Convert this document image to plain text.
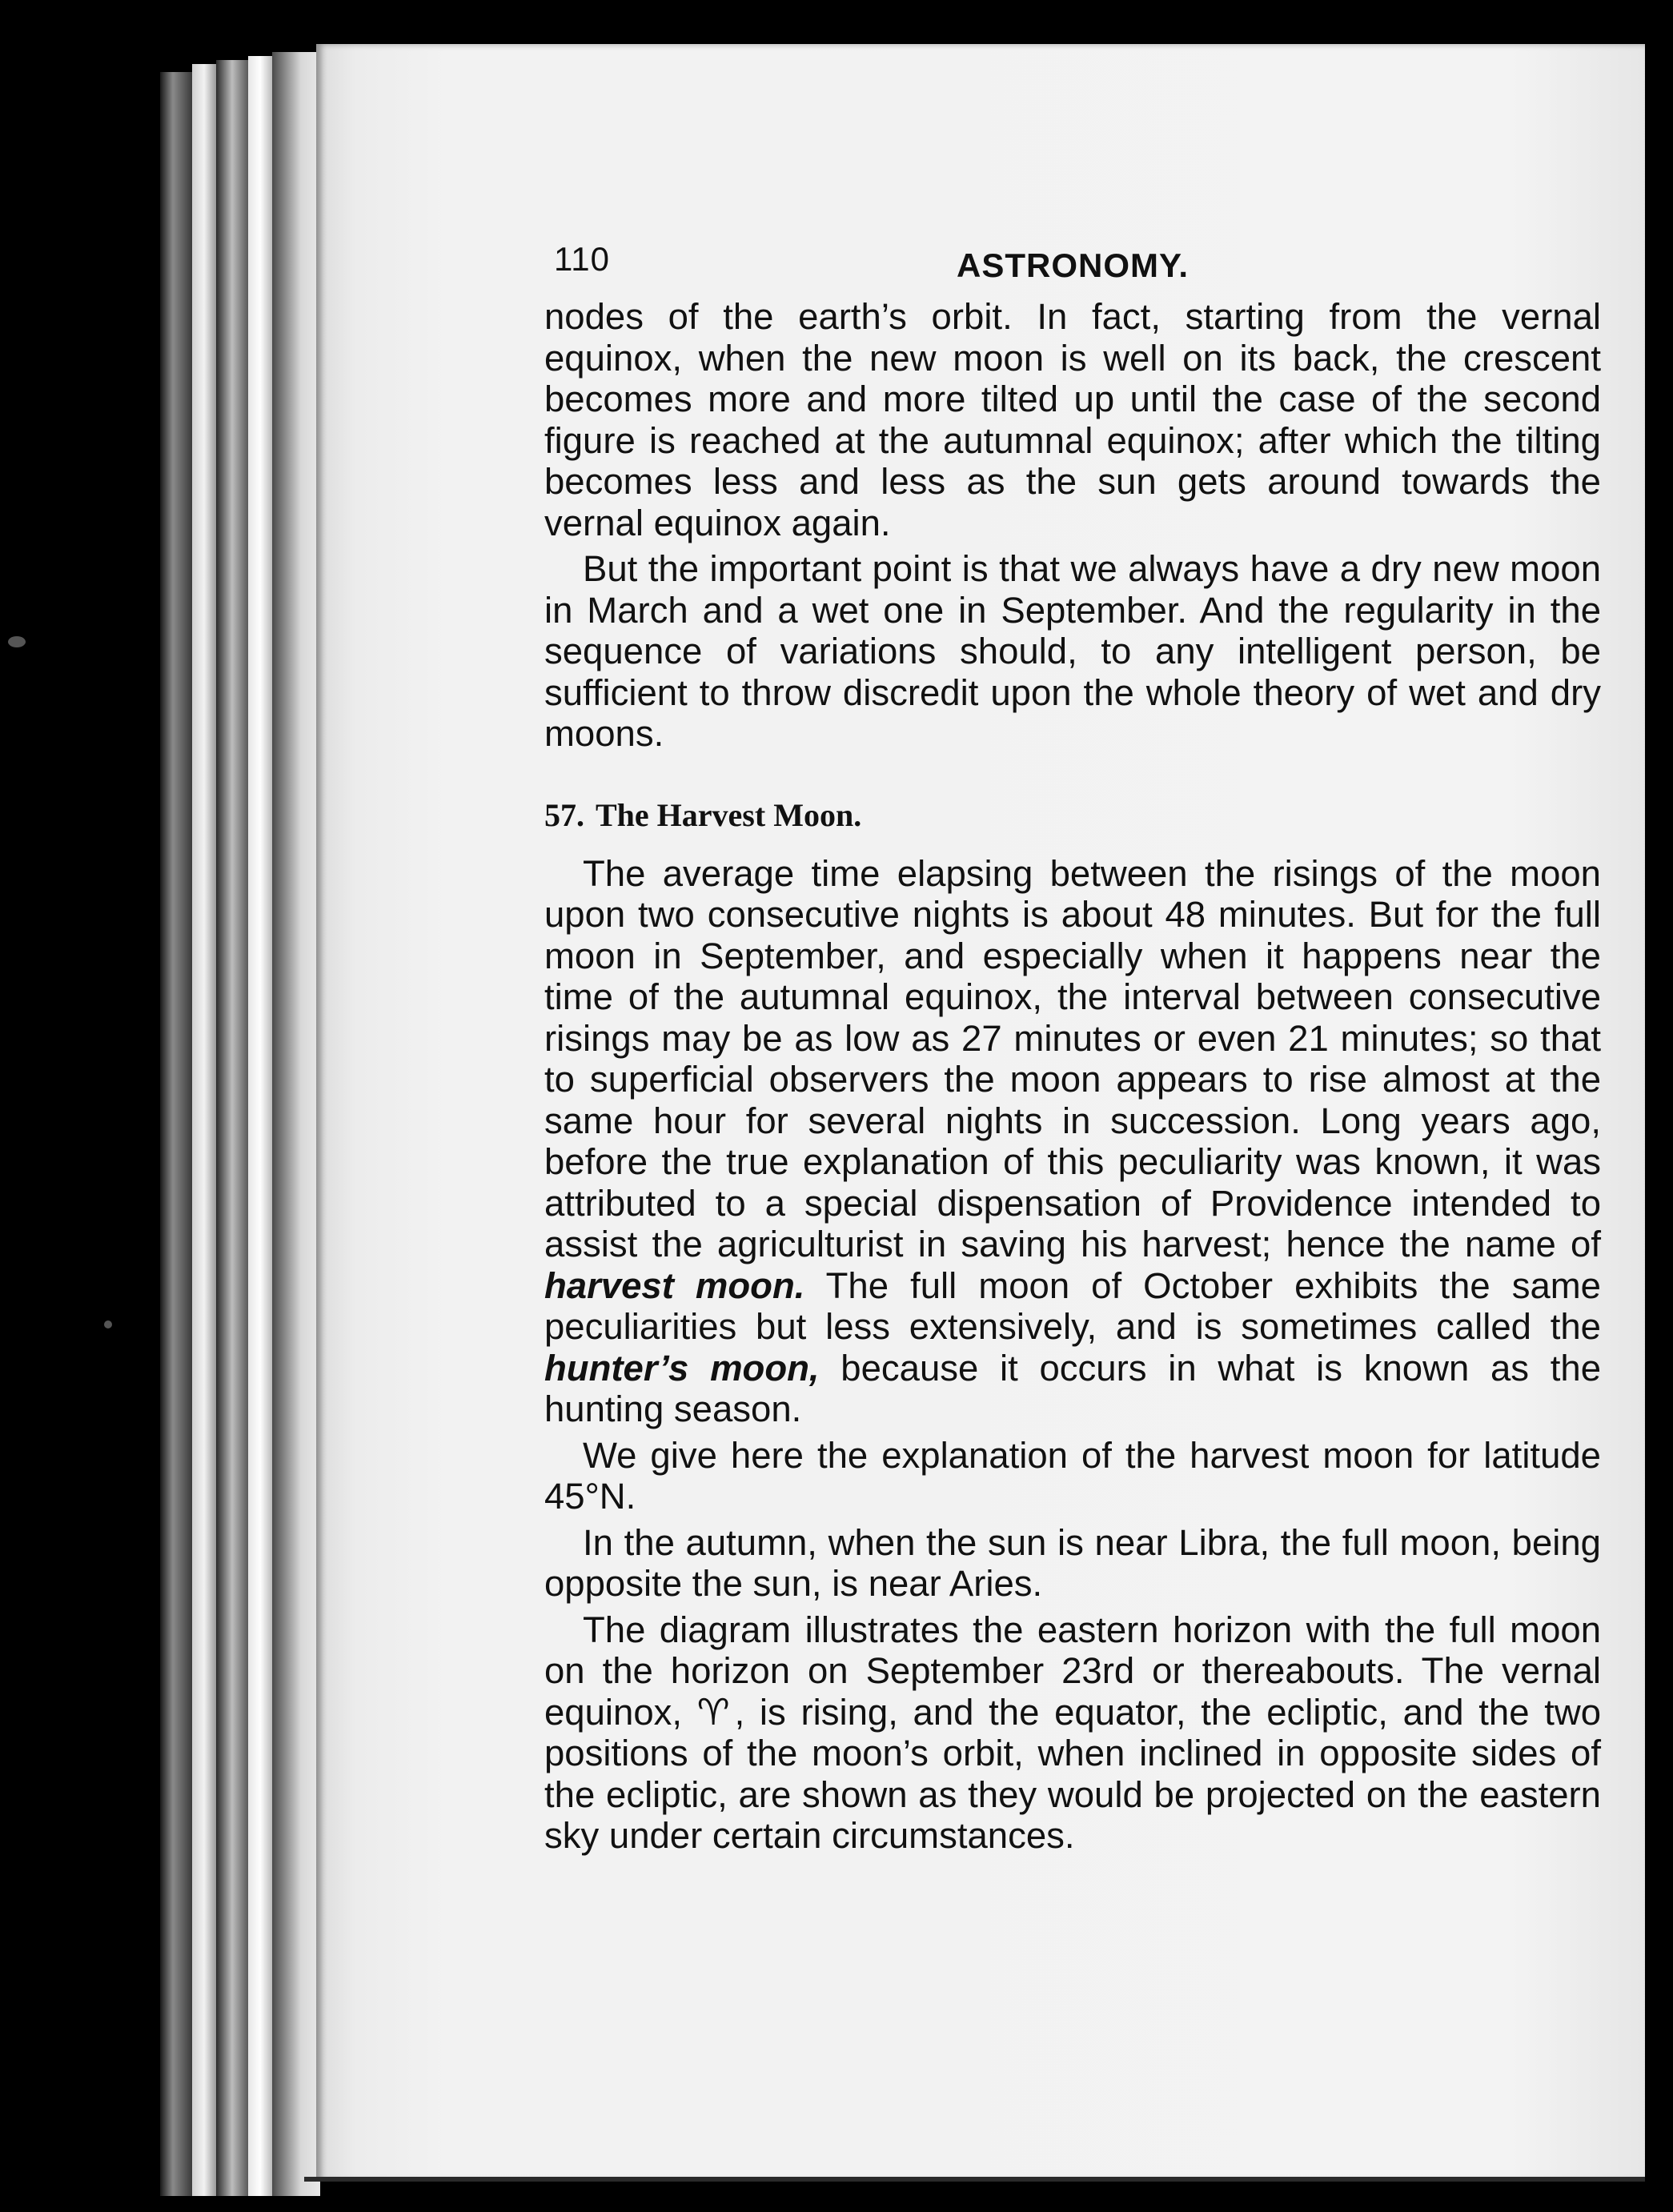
110	ASTRONOMY.

nodes of the earth’s orbit. In fact, starting from the vernal equinox, when the new moon is well on its back, the crescent becomes more and more tilted up until the case of the second figure is reached at the autumnal equinox; after which the tilting becomes less and less as the sun gets around towards the vernal equinox again.

But the important point is that we always have a dry new moon in March and a wet one in September. And the regularity in the sequence of variations should, to any intelligent person, be sufficient to throw discredit upon the whole theory of wet and dry moons.

57. The Harvest Moon.

The average time elapsing between the risings of the moon upon two consecutive nights is about 48 minutes. But for the full moon in September, and especially when it happens near the time of the autumnal equinox, the interval between consecutive risings may be as low as 27 minutes or even 21 minutes; so that to superficial observers the moon appears to rise almost at the same hour for several nights in succession. Long years ago, before the true explanation of this peculiarity was known, it was attributed to a special dispensation of Providence intended to assist the agriculturist in saving his harvest; hence the name of harvest moon. The full moon of October exhibits the same peculiarities but less extensively, and is sometimes called the hunter’s moon, because it occurs in what is known as the hunting season.

We give here the explanation of the harvest moon for latitude 45°N.

In the autumn, when the sun is near Libra, the full moon, being opposite the sun, is near Aries.

The diagram illustrates the eastern horizon with the full moon on the horizon on September 23rd or thereabouts. The vernal equinox, ♈, is rising, and the equator, the ecliptic, and the two positions of the moon’s orbit, when inclined in opposite sides of the ecliptic, are shown as they would be projected on the eastern sky under certain circumstances.
